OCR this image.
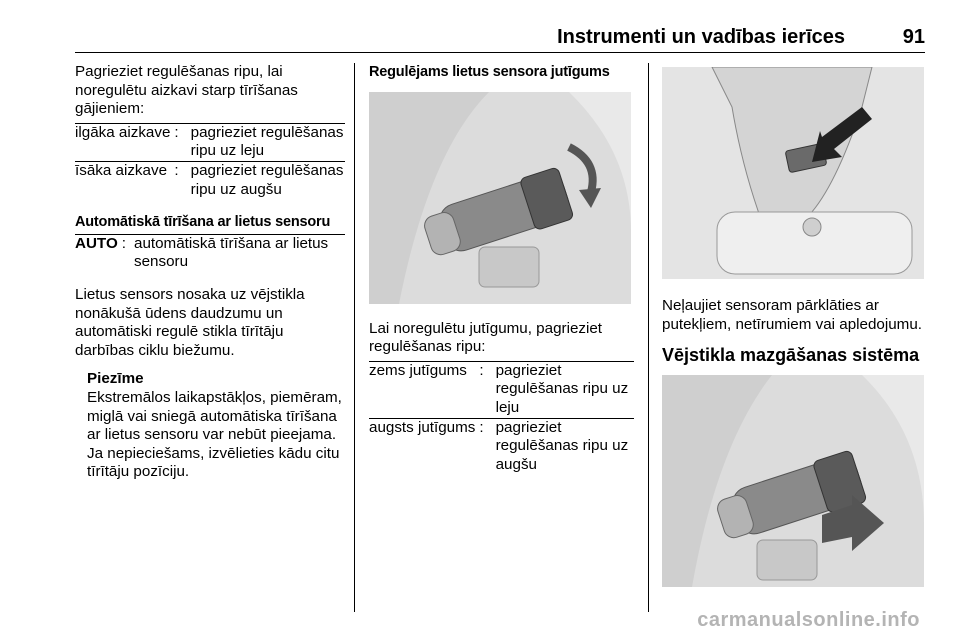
Instrumenti un vadības ierīces	91

Pagrieziet regulēšanas ripu, lai noregulētu aizkavi starp tīrīšanas gājieniem:

ilgāka aizkave : pagrieziet regulēšanas ripu uz leju
īsāka aizkave : pagrieziet regulēšanas ripu uz augšu

Automātiskā tīrīšana ar lietus sensoru

AUTO : automātiskā tīrīšana ar lietus sensoru

Lietus sensors nosaka uz vējstikla nonākušā ūdens daudzumu un automātiski regulē stikla tīrītāju darbības ciklu biežumu.

Piezīme

Ekstremālos laikapstākļos, piemēram, miglā vai sniegā automātiska tīrīšana ar lietus sensoru var nebūt pieejama. Ja nepieciešams, izvēlieties kādu citu tīrītāju pozīciju.

Regulējams lietus sensora jutīgums

Lai noregulētu jutīgumu, pagrieziet regulēšanas ripu:

zems jutīgums : pagrieziet regulēšanas ripu uz leju
augsts jutīgums : pagrieziet regulēšanas ripu uz augšu

Neļaujiet sensoram pārklāties ar putekļiem, netīrumiem vai apledojumu.

Vējstikla mazgāšanas sistēma

carmanualsonline.info
